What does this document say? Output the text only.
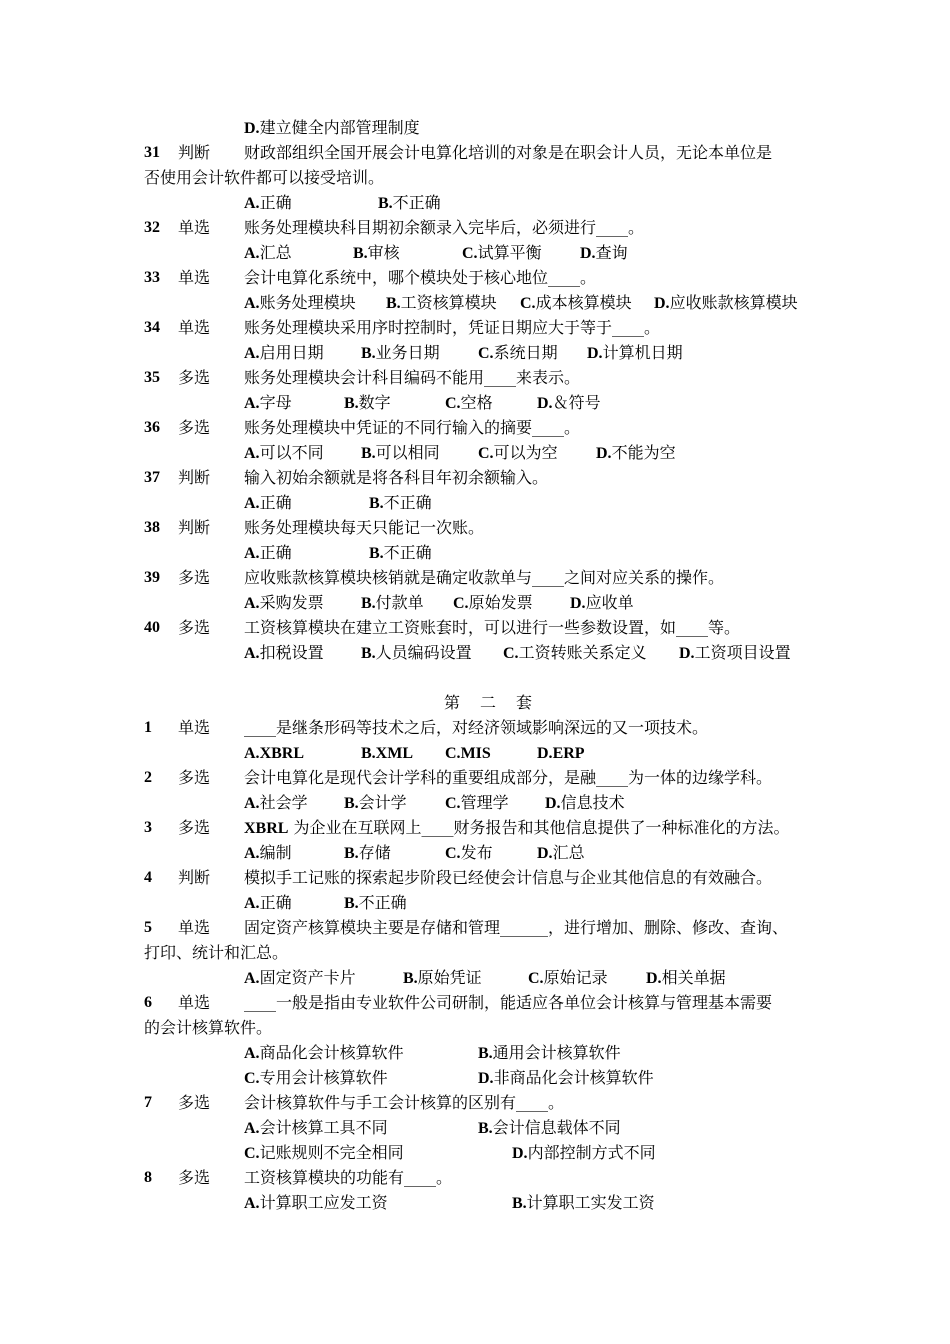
D.建立健全内部管理制度
31 判断 财政部组织全国开展会计电算化培训的对象是在职会计人员，无论本单位是
否使用会计软件都可以接受培训。
A.正确	B.不正确
32 单选 账务处理模块科目期初余额录入完毕后，必须进行____。
A.汇总	B.审核	C.试算平衡 D.查询
33 单选 会计电算化系统中，哪个模块处于核心地位____。
A.账务处理模块 B.工资核算模块 C.成本核算模块 D.应收账款核算模块
34 单选 账务处理模块采用序时控制时，凭证日期应大于等于____。
A.启用日期 B.业务日期 C.系统日期 D.计算机日期
35 多选 账务处理模块会计科目编码不能用____来表示。
A.字母	B.数字	C.空格	D.＆符号
36 多选 账务处理模块中凭证的不同行输入的摘要____。
A.可以不同 B.可以相同 C.可以为空 D.不能为空
37 判断 输入初始余额就是将各科目年初余额输入。
A.正确	B.不正确
38 判断 账务处理模块每天只能记一次账。
A.正确	B.不正确
39 多选 应收账款核算模块核销就是确定收款单与____之间对应关系的操作。
A.采购发票 B.付款单 C.原始发票 D.应收单
40 多选 工资核算模块在建立工资账套时，可以进行一些参数设置，如____等。
A.扣税设置 B.人员编码设置 C.工资转账关系定义 D.工资项目设置
第 二 套
1 单选 ____是继条形码等技术之后，对经济领域影响深远的又一项技术。
A.XBRL	B.XML C.MIS	D.ERP
2 多选 会计电算化是现代会计学科的重要组成部分，是融____为一体的边缘学科。
A.社会学 B.会计学 C.管理学 D.信息技术
3 多选 XBRL 为企业在互联网上____财务报告和其他信息提供了一种标准化的方法。
A.编制	B.存储	C.发布	D.汇总
4 判断 模拟手工记账的探索起步阶段已经使会计信息与企业其他信息的有效融合。
A.正确	B.不正确
5 单选 固定资产核算模块主要是存储和管理______，进行增加、删除、修改、查询、
打印、统计和汇总。
A.固定资产卡片	B.原始凭证	C.原始记录 D.相关单据
6 单选 ____一般是指由专业软件公司研制，能适应各单位会计核算与管理基本需要
的会计核算软件。
A.商品化会计核算软件	B.通用会计核算软件
C.专用会计核算软件	D.非商品化会计核算软件
7 多选 会计核算软件与手工会计核算的区别有____。
A.会计核算工具不同	B.会计信息载体不同
C.记账规则不完全相同	D.内部控制方式不同
8 多选 工资核算模块的功能有____。
A.计算职工应发工资	B.计算职工实发工资
